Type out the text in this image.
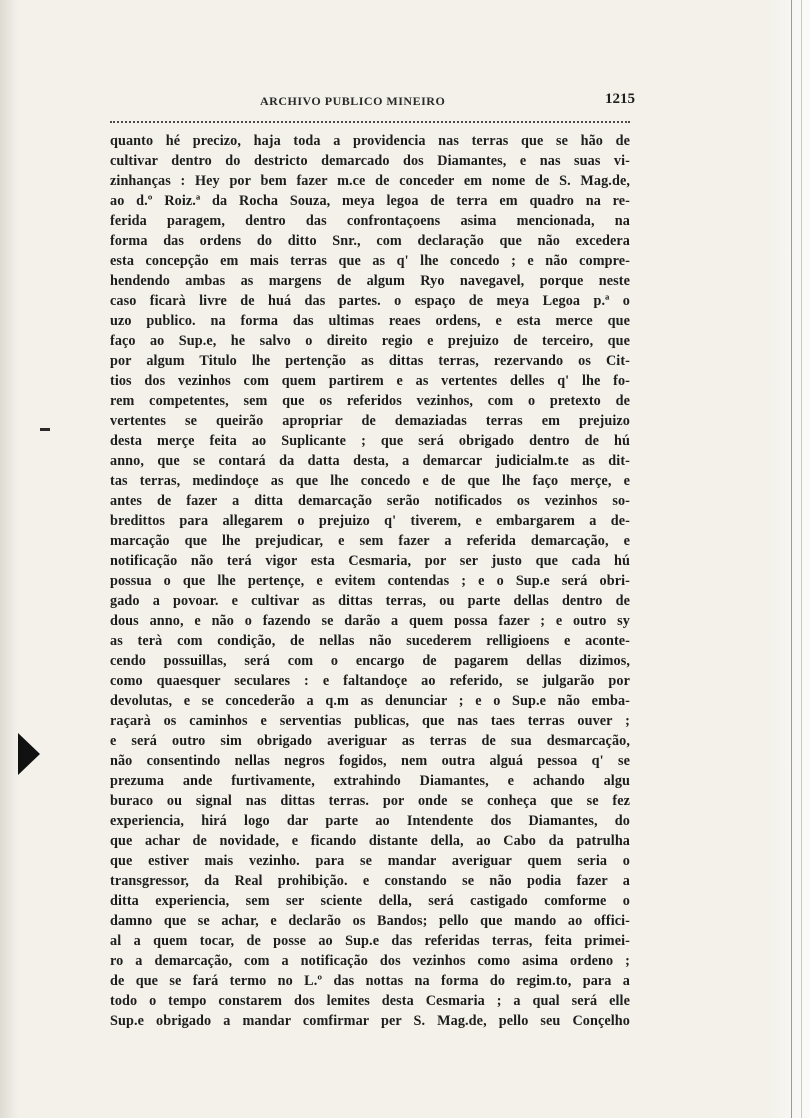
ARCHIVO PUBLICO MINEIRO	1215
quanto hé precizo, haja toda a providencia nas terras que se hão de
cultivar dentro do destricto demarcado dos Diamantes, e nas suas vi-
zinhanças : Hey por bem fazer m.ce de conceder em nome de S. Mag.de,
ao d.º Roiz.ª da Rocha Souza, meya legoa de terra em quadro na re-
ferida paragem, dentro das confrontaçoens asima mencionada, na
forma das ordens do ditto Snr., com declaração que não excedera
esta concepção em mais terras que as q' lhe concedo ; e não compre-
hendendo ambas as margens de algum Ryo navegavel, porque neste
caso ficarà livre de huá das partes. o espaço de meya Legoa p.ª o
uzo publico. na forma das ultimas reaes ordens, e esta merce que
faço ao Sup.e, he salvo o direito regio e prejuizo de terceiro, que
por algum Titulo lhe pertenção as dittas terras, rezervando os Cit-
tios dos vezinhos com quem partirem e as vertentes delles q' lhe fo-
rem competentes, sem que os referidos vezinhos, com o pretexto de
vertentes se queirão apropriar de demaziadas terras em prejuizo
desta merçe feita ao Suplicante ; que será obrigado dentro de hú
anno, que se contará da datta desta, a demarcar judicialm.te as dit-
tas terras, medindoçe as que lhe concedo e de que lhe faço merçe, e
antes de fazer a ditta demarcação serão notificados os vezinhos so-
bredittos para allegarem o prejuizo q' tiverem, e embargarem a de-
marcação que lhe prejudicar, e sem fazer a referida demarcação, e
notificação não terá vigor esta Cesmaria, por ser justo que cada hú
possua o que lhe pertençe, e evitem contendas ; e o Sup.e será obri-
gado a povoar. e cultivar as dittas terras, ou parte dellas dentro de
dous anno, e não o fazendo se darão a quem possa fazer ; e outro sy
as terà com condição, de nellas não sucederem relligioens e aconte-
cendo possuillas, será com o encargo de pagarem dellas dizimos,
como quaesquer seculares : e faltandoçe ao referido, se julgarão por
devolutas, e se concederão a q.m as denunciar ; e o Sup.e não emba-
raçarà os caminhos e serventias publicas, que nas taes terras ouver ;
e será outro sim obrigado averiguar as terras de sua desmarcação,
não consentindo nellas negros fogidos, nem outra alguá pessoa q' se
prezuma ande furtivamente, extrahindo Diamantes, e achando algu
buraco ou signal nas dittas terras. por onde se conheça que se fez
experiencia, hirá logo dar parte ao Intendente dos Diamantes, do
que achar de novidade, e ficando distante della, ao Cabo da patrulha
que estiver mais vezinho. para se mandar averiguar quem seria o
transgressor, da Real prohibição. e constando se não podia fazer a
ditta experiencia, sem ser sciente della, será castigado comforme o
damno que se achar, e declarão os Bandos; pello que mando ao offici-
al a quem tocar, de posse ao Sup.e das referidas terras, feita primei-
ro a demarcação, com a notificação dos vezinhos como asima ordeno ;
de que se fará termo no L.º das nottas na forma do regim.to, para a
todo o tempo constarem dos lemites desta Cesmaria ; a qual será elle
Sup.e obrigado a mandar comfirmar per S. Mag.de, pello seu Conçelho
